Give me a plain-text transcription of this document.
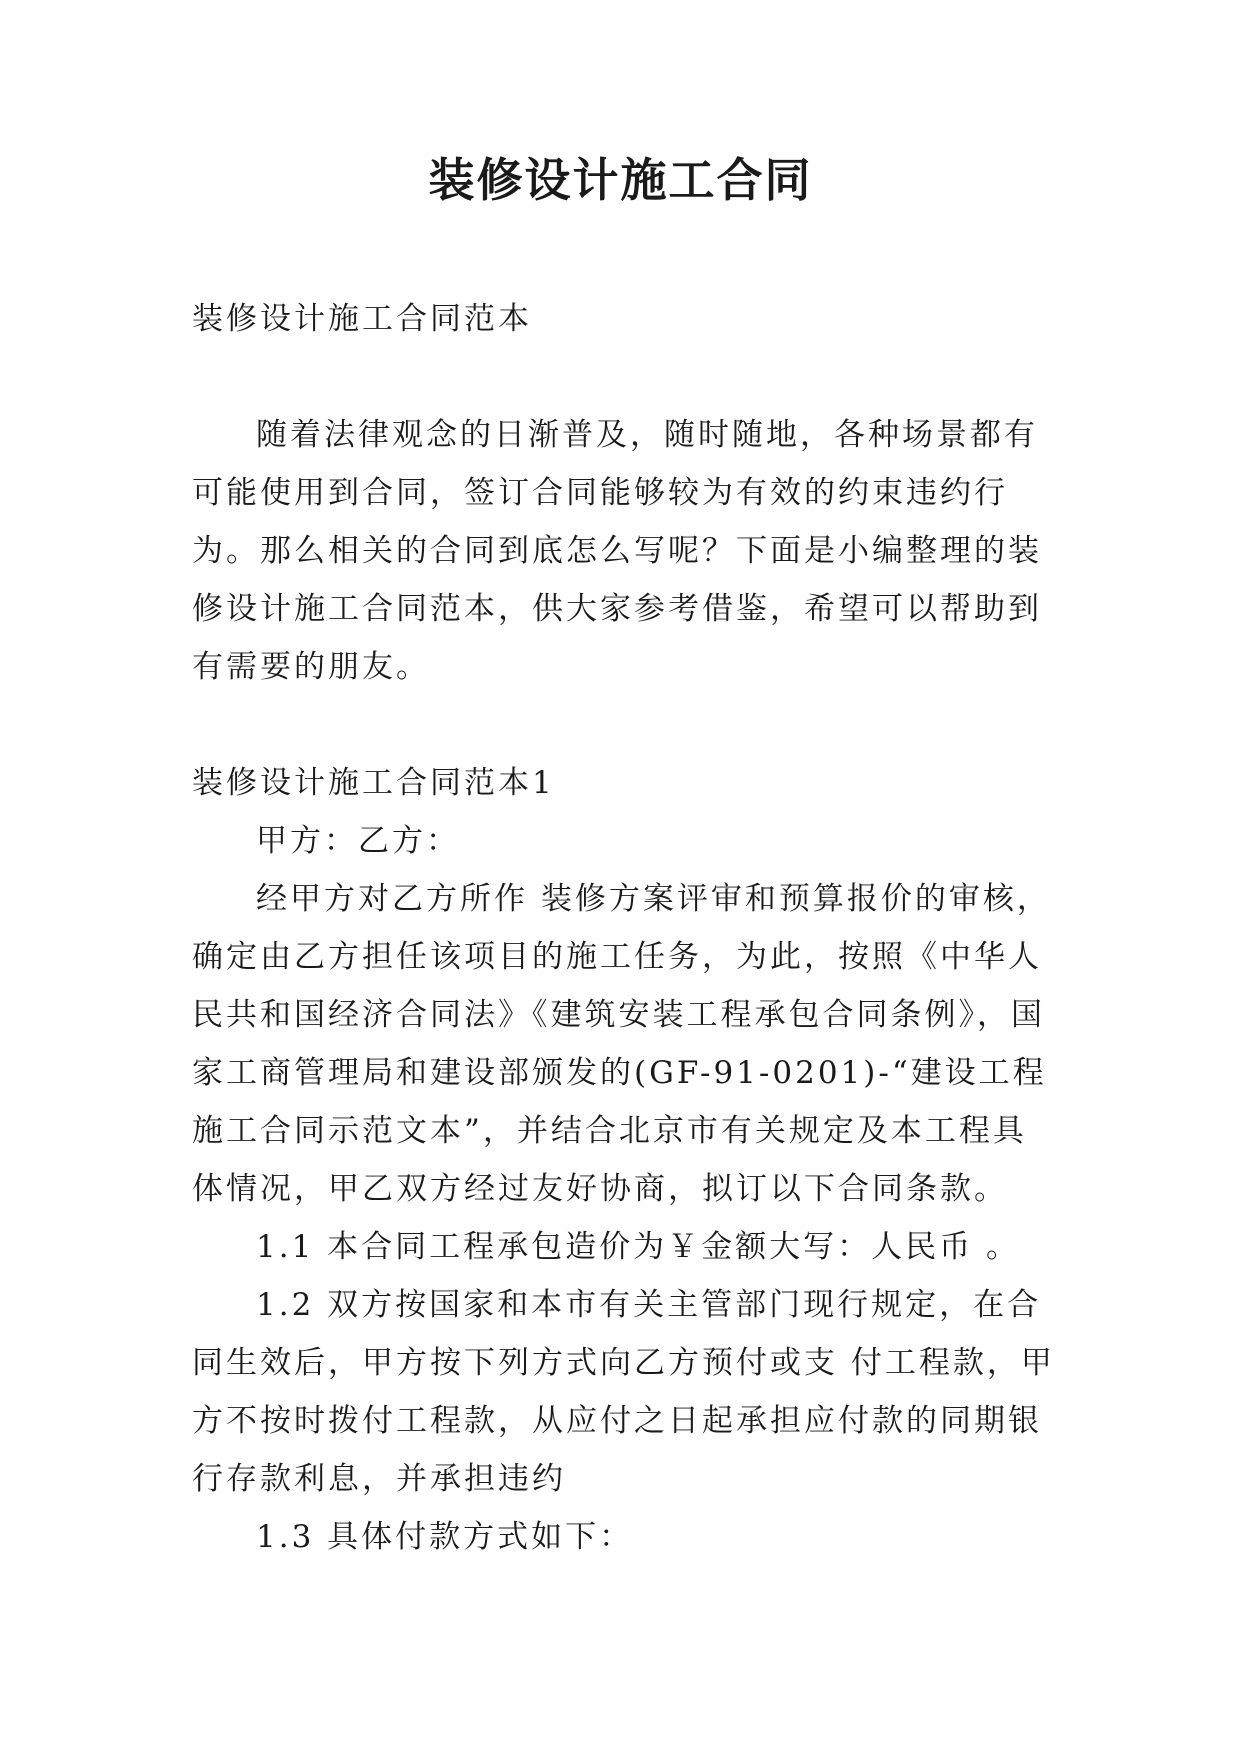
装修设计施工合同

装修设计施工合同范本

随着法律观念的日渐普及，随时随地，各种场景都有可能使用到合同，签订合同能够较为有效的约束违约行为。那么相关的合同到底怎么写呢？下面是小编整理的装修设计施工合同范本，供大家参考借鉴，希望可以帮助到有需要的朋友。

装修设计施工合同范本1

甲方：乙方：

经甲方对乙方所作 装修方案评审和预算报价的审核，确定由乙方担任该项目的施工任务，为此，按照《中华人民共和国经济合同法》《建筑安装工程承包合同条例》，国家工商管理局和建设部颁发的(GF-91-0201)-“建设工程施工合同示范文本”，并结合北京市有关规定及本工程具体情况，甲乙双方经过友好协商，拟订以下合同条款。

1.1 本合同工程承包造价为￥金额大写：人民币 。

1.2 双方按国家和本市有关主管部门现行规定，在合同生效后，甲方按下列方式向乙方预付或支 付工程款，甲方不按时拨付工程款，从应付之日起承担应付款的同期银行存款利息，并承担违约

1.3 具体付款方式如下：
